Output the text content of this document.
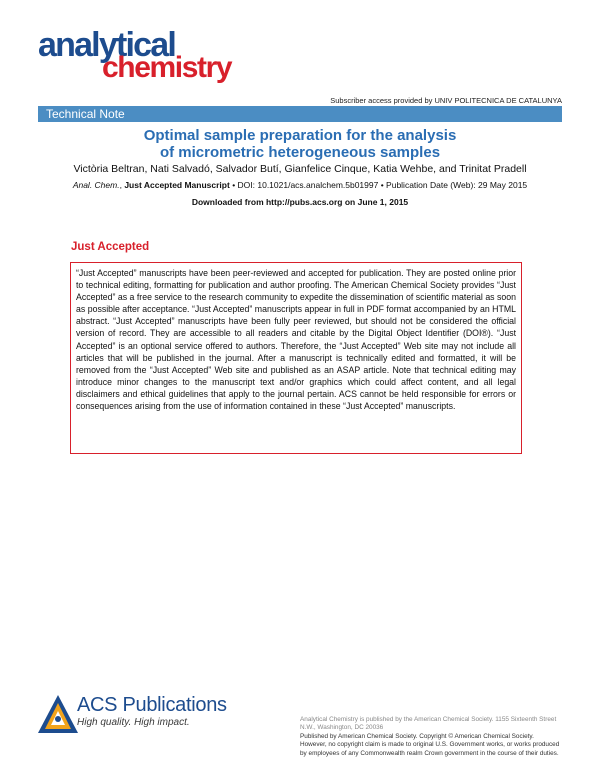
analytical
chemistry
Subscriber access provided by UNIV POLITECNICA DE CATALUNYA
Technical Note
Optimal sample preparation for the analysis
of micrometric heterogeneous samples
Victòria Beltran, Nati Salvadó, Salvador Butí, Gianfelice Cinque, Katia Wehbe, and Trinitat Pradell
Anal. Chem., Just Accepted Manuscript • DOI: 10.1021/acs.analchem.5b01997 • Publication Date (Web): 29 May 2015
Downloaded from http://pubs.acs.org on June 1, 2015
Just Accepted

“Just Accepted” manuscripts have been peer-reviewed and accepted for publication. They are posted online prior to technical editing, formatting for publication and author proofing. The American Chemical Society provides “Just Accepted” as a free service to the research community to expedite the dissemination of scientific material as soon as possible after acceptance. “Just Accepted” manuscripts appear in full in PDF format accompanied by an HTML abstract. “Just Accepted” manuscripts have been fully peer reviewed, but should not be considered the official version of record. They are accessible to all readers and citable by the Digital Object Identifier (DOI®). “Just Accepted” is an optional service offered to authors. Therefore, the “Just Accepted” Web site may not include all articles that will be published in the journal. After a manuscript is technically edited and formatted, it will be removed from the “Just Accepted” Web site and published as an ASAP article. Note that technical editing may introduce minor changes to the manuscript text and/or graphics which could affect content, and all legal disclaimers and ethical guidelines that apply to the journal pertain. ACS cannot be held responsible for errors or consequences arising from the use of information contained in these “Just Accepted” manuscripts.

ACS Publications
High quality. High impact.	Analytical Chemistry is published by the American Chemical Society. 1155 Sixteenth Street N.W., Washington, DC 20036
Published by American Chemical Society. Copyright © American Chemical Society. However, no copyright claim is made to original U.S. Government works, or works produced by employees of any Commonwealth realm Crown government in the course of their duties.
